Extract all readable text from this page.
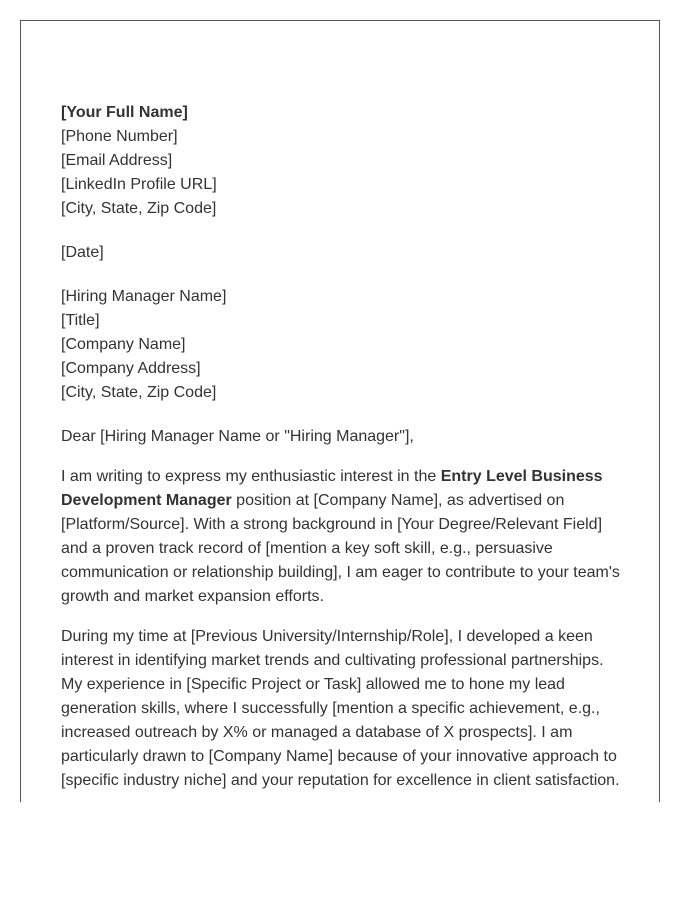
[Your Full Name]
[Phone Number]
[Email Address]
[LinkedIn Profile URL]
[City, State, Zip Code]
[Date]
[Hiring Manager Name]
[Title]
[Company Name]
[Company Address]
[City, State, Zip Code]
Dear [Hiring Manager Name or "Hiring Manager"],
I am writing to express my enthusiastic interest in the Entry Level Business
Development Manager position at [Company Name], as advertised on
[Platform/Source]. With a strong background in [Your Degree/Relevant Field]
and a proven track record of [mention a key soft skill, e.g., persuasive
communication or relationship building], I am eager to contribute to your team's
growth and market expansion efforts.
During my time at [Previous University/Internship/Role], I developed a keen
interest in identifying market trends and cultivating professional partnerships.
My experience in [Specific Project or Task] allowed me to hone my lead
generation skills, where I successfully [mention a specific achievement, e.g.,
increased outreach by X% or managed a database of X prospects]. I am
particularly drawn to [Company Name] because of your innovative approach to
[specific industry niche] and your reputation for excellence in client satisfaction.
